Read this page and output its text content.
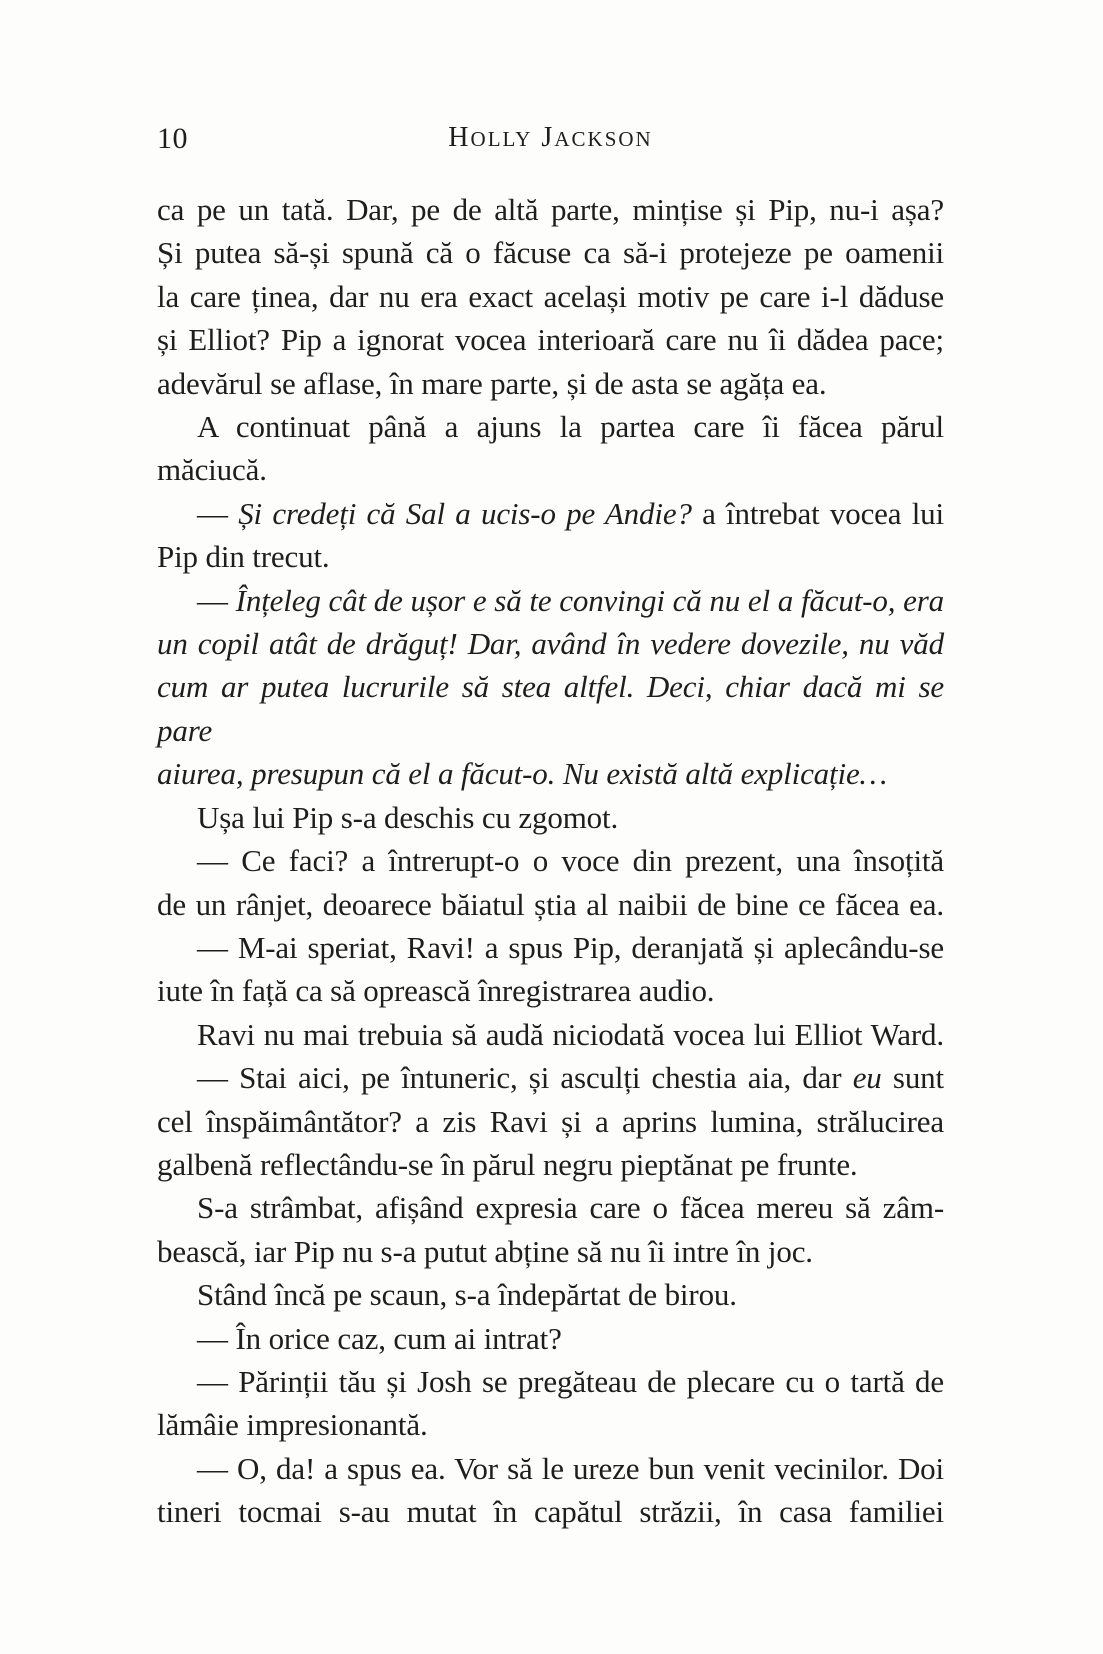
10	HOLLY JACKSON
ca pe un tată. Dar, pe de altă parte, mințise și Pip, nu-i așa?
Și putea să-și spună că o făcuse ca să-i protejeze pe oamenii
la care ținea, dar nu era exact același motiv pe care i-l dăduse
și Elliot? Pip a ignorat vocea interioară care nu îi dădea pace;
adevărul se aflase, în mare parte, și de asta se agăța ea.
A continuat până a ajuns la partea care îi făcea părul
măciucă.
— Și credeți că Sal a ucis-o pe Andie? a întrebat vocea lui
Pip din trecut.
— Înțeleg cât de ușor e să te convingi că nu el a făcut-o, era
un copil atât de drăguț! Dar, având în vedere dovezile, nu văd
cum ar putea lucrurile să stea altfel. Deci, chiar dacă mi se pare
aiurea, presupun că el a făcut-o. Nu există altă explicație…
Ușa lui Pip s-a deschis cu zgomot.
— Ce faci? a întrerupt-o o voce din prezent, una însoțită
de un rânjet, deoarece băiatul știa al naibii de bine ce făcea ea.
— M-ai speriat, Ravi! a spus Pip, deranjată și aplecându-se
iute în față ca să oprească înregistrarea audio.
Ravi nu mai trebuia să audă niciodată vocea lui Elliot Ward.
— Stai aici, pe întuneric, și asculți chestia aia, dar eu sunt
cel înspăimântător? a zis Ravi și a aprins lumina, strălucirea
galbenă reflectându-se în părul negru pieptănat pe frunte.
S-a strâmbat, afișând expresia care o făcea mereu să zâm-
bească, iar Pip nu s-a putut abține să nu îi intre în joc.
Stând încă pe scaun, s-a îndepărtat de birou.
— În orice caz, cum ai intrat?
— Părinții tău și Josh se pregăteau de plecare cu o tartă de
lămâie impresionantă.
— O, da! a spus ea. Vor să le ureze bun venit vecinilor. Doi
tineri tocmai s-au mutat în capătul străzii, în casa familiei
